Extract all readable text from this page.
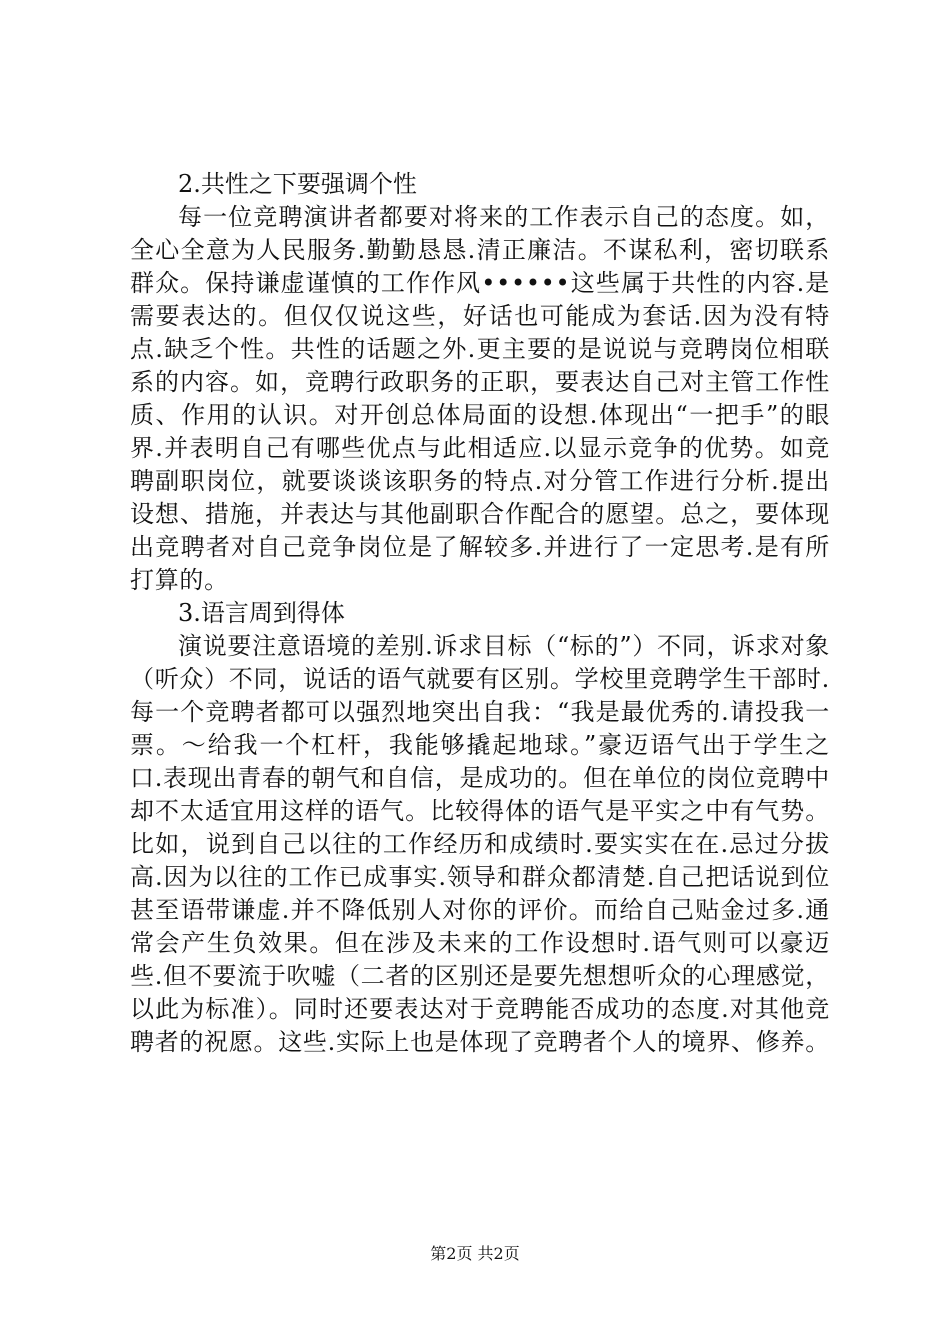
2.共性之下要强调个性

每一位竞聘演讲者都要对将来的工作表示自己的态度。如，全心全意为人民服务.勤勤恳恳.清正廉洁。不谋私利，密切联系群众。保持谦虚谨慎的工作作风••••••这些属于共性的内容.是需要表达的。但仅仅说这些，好话也可能成为套话.因为没有特点.缺乏个性。共性的话题之外.更主要的是说说与竞聘岗位相联系的内容。如，竞聘行政职务的正职，要表达自己对主管工作性质、作用的认识。对开创总体局面的设想.体现出“一把手”的眼界.并表明自己有哪些优点与此相适应.以显示竞争的优势。如竞聘副职岗位，就要谈谈该职务的特点.对分管工作进行分析.提出设想、措施，并表达与其他副职合作配合的愿望。总之，要体现出竞聘者对自己竞争岗位是了解较多.并进行了一定思考.是有所打算的。

3.语言周到得体

演说要注意语境的差别.诉求目标（“标的”）不同，诉求对象（听众）不同，说话的语气就要有区别。学校里竞聘学生干部时.每一个竞聘者都可以强烈地突出自我：“我是最优秀的.请投我一票。～给我一个杠杆，我能够撬起地球。”豪迈语气出于学生之口.表现出青春的朝气和自信，是成功的。但在单位的岗位竞聘中却不太适宜用这样的语气。比较得体的语气是平实之中有气势。比如，说到自己以往的工作经历和成绩时.要实实在在.忌过分拔高.因为以往的工作已成事实.领导和群众都清楚.自己把话说到位甚至语带谦虚.并不降低别人对你的评价。而给自己贴金过多.通常会产生负效果。但在涉及未来的工作设想时.语气则可以豪迈些.但不要流于吹嘘（二者的区别还是要先想想听众的心理感觉，以此为标准）。同时还要表达对于竞聘能否成功的态度.对其他竞聘者的祝愿。这些.实际上也是体现了竞聘者个人的境界、修养。

第2页 共2页
